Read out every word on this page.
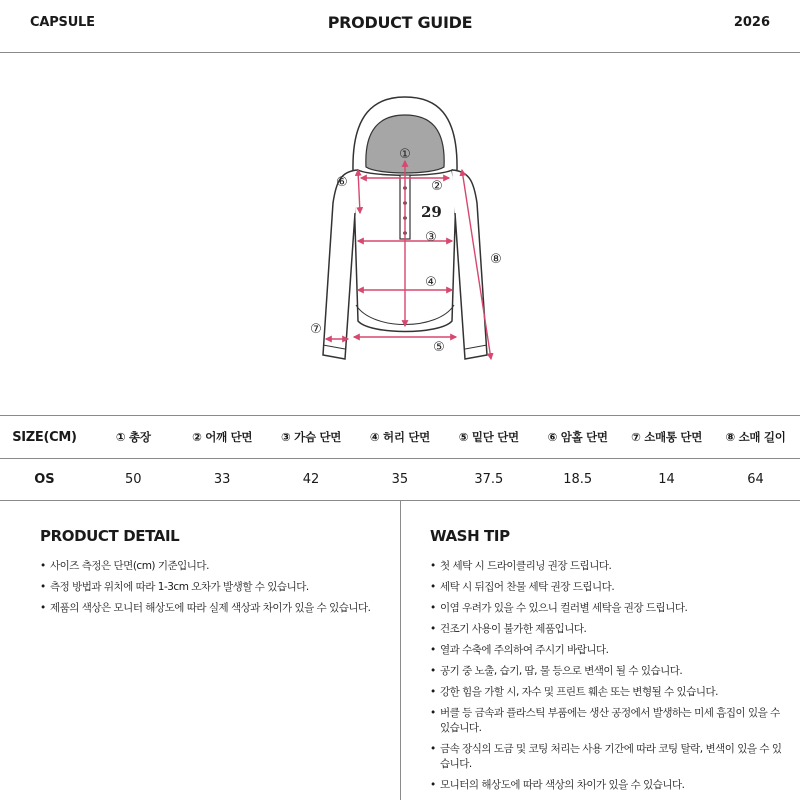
CAPSULE	PRODUCT GUIDE	2026
29
①
②
③
④
⑤
⑥
⑦
⑧
SIZE(CM)	① 총장	② 어깨 단면	③ 가슴 단면	④ 허리 단면	⑤ 밑단 단면	⑥ 암홀 단면	⑦ 소매통 단면	⑧ 소매 길이
OS	50	33	42	35	37.5	18.5	14	64
PRODUCT DETAIL
• 사이즈 측정은 단면(cm) 기준입니다.
• 측정 방법과 위치에 따라 1-3cm 오차가 발생할 수 있습니다.
• 제품의 색상은 모니터 해상도에 따라 실제 색상과 차이가 있을 수 있습니다.
WASH TIP
• 첫 세탁 시 드라이클리닝 권장 드립니다.
• 세탁 시 뒤집어 찬물 세탁 권장 드립니다.
• 이염 우려가 있을 수 있으니 컬러별 세탁을 권장 드립니다.
• 건조기 사용이 불가한 제품입니다.
• 열과 수축에 주의하여 주시기 바랍니다.
• 공기 중 노출, 습기, 땀, 물 등으로 변색이 될 수 있습니다.
• 강한 힘을 가할 시, 자수 및 프린트 훼손 또는 변형될 수 있습니다.
• 버클 등 금속과 플라스틱 부품에는 생산 공정에서 발생하는 미세 흠집이 있을 수 있습니다.
• 금속 장식의 도금 및 코팅 처리는 사용 기간에 따라 코팅 탈락, 변색이 있을 수 있습니다.
• 모니터의 해상도에 따라 색상의 차이가 있을 수 있습니다.
